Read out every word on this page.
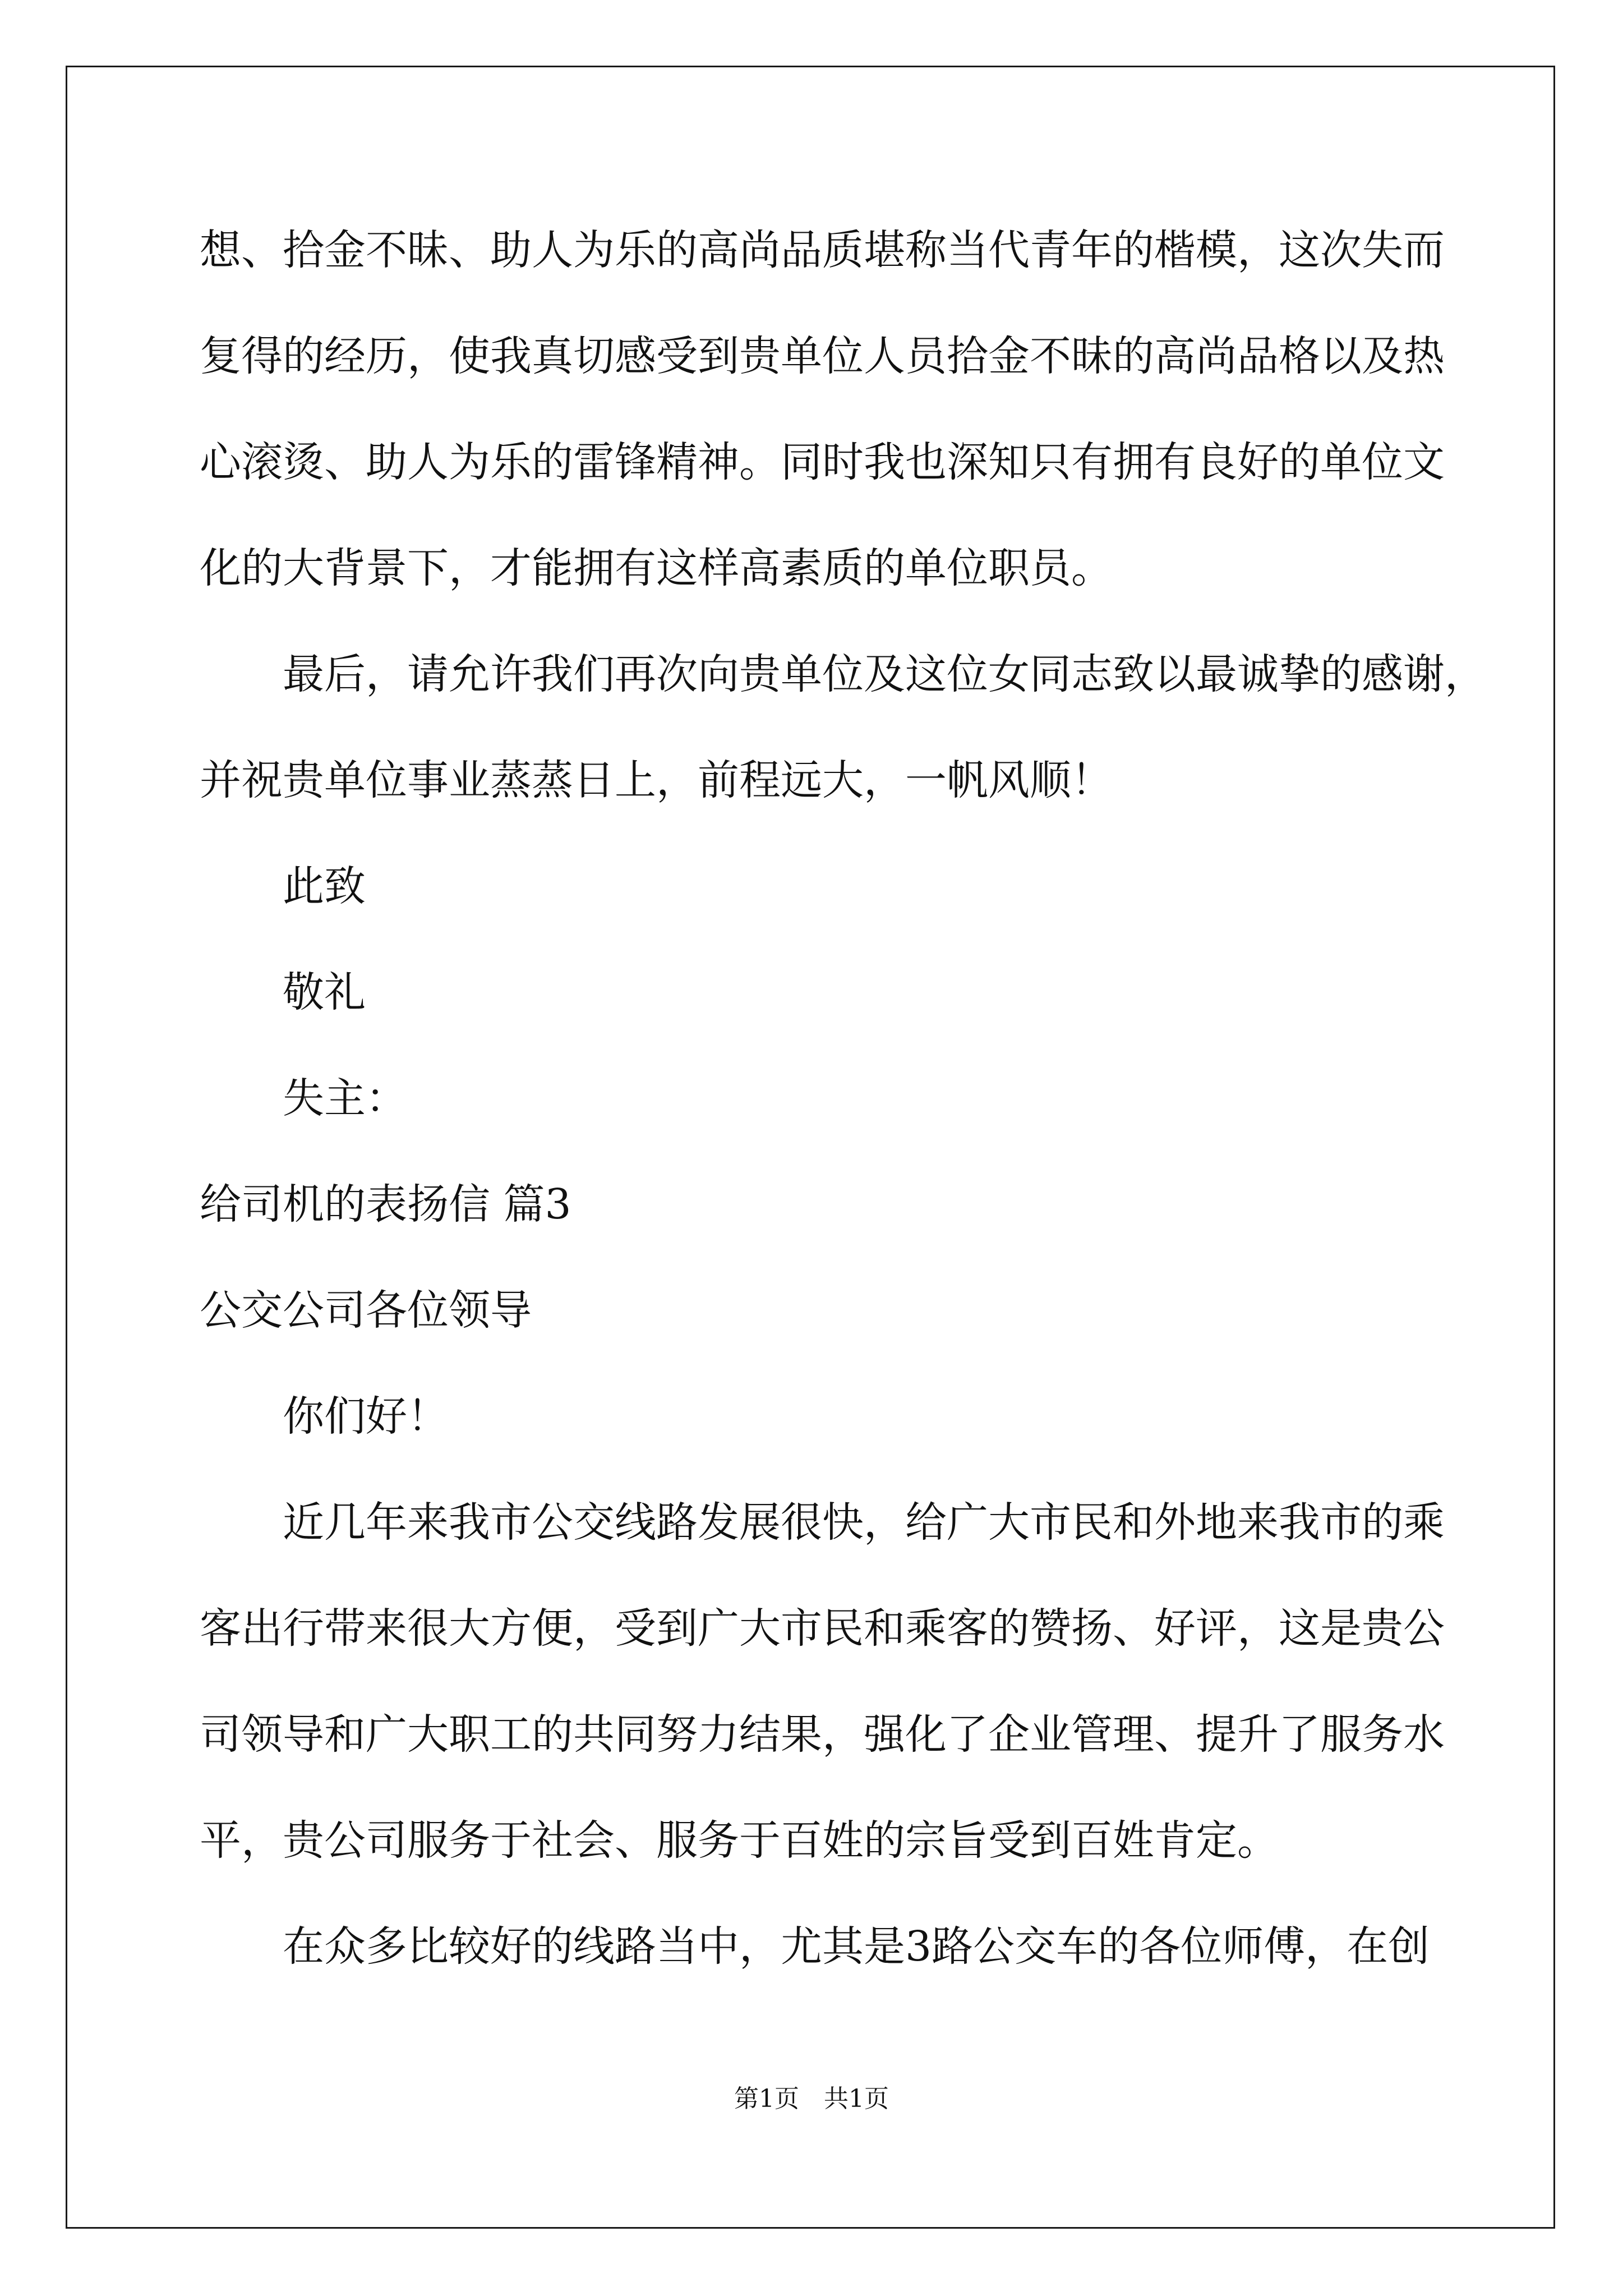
想、拾金不昧、助人为乐的高尚品质堪称当代青年的楷模，这次失而
复得的经历，使我真切感受到贵单位人员拾金不昧的高尚品格以及热
心滚烫、助人为乐的雷锋精神。同时我也深知只有拥有良好的单位文
化的大背景下，才能拥有这样高素质的单位职员。
最后，请允许我们再次向贵单位及这位女同志致以最诚挚的感谢，
并祝贵单位事业蒸蒸日上，前程远大，一帆风顺！
此致
敬礼
失主：
给司机的表扬信 篇3
公交公司各位领导
你们好！
近几年来我市公交线路发展很快，给广大市民和外地来我市的乘
客出行带来很大方便，受到广大市民和乘客的赞扬、好评，这是贵公
司领导和广大职工的共同努力结果，强化了企业管理、提升了服务水
平，贵公司服务于社会、服务于百姓的宗旨受到百姓肯定。
在众多比较好的线路当中，尤其是3路公交车的各位师傅，在创
第1页　共1页
